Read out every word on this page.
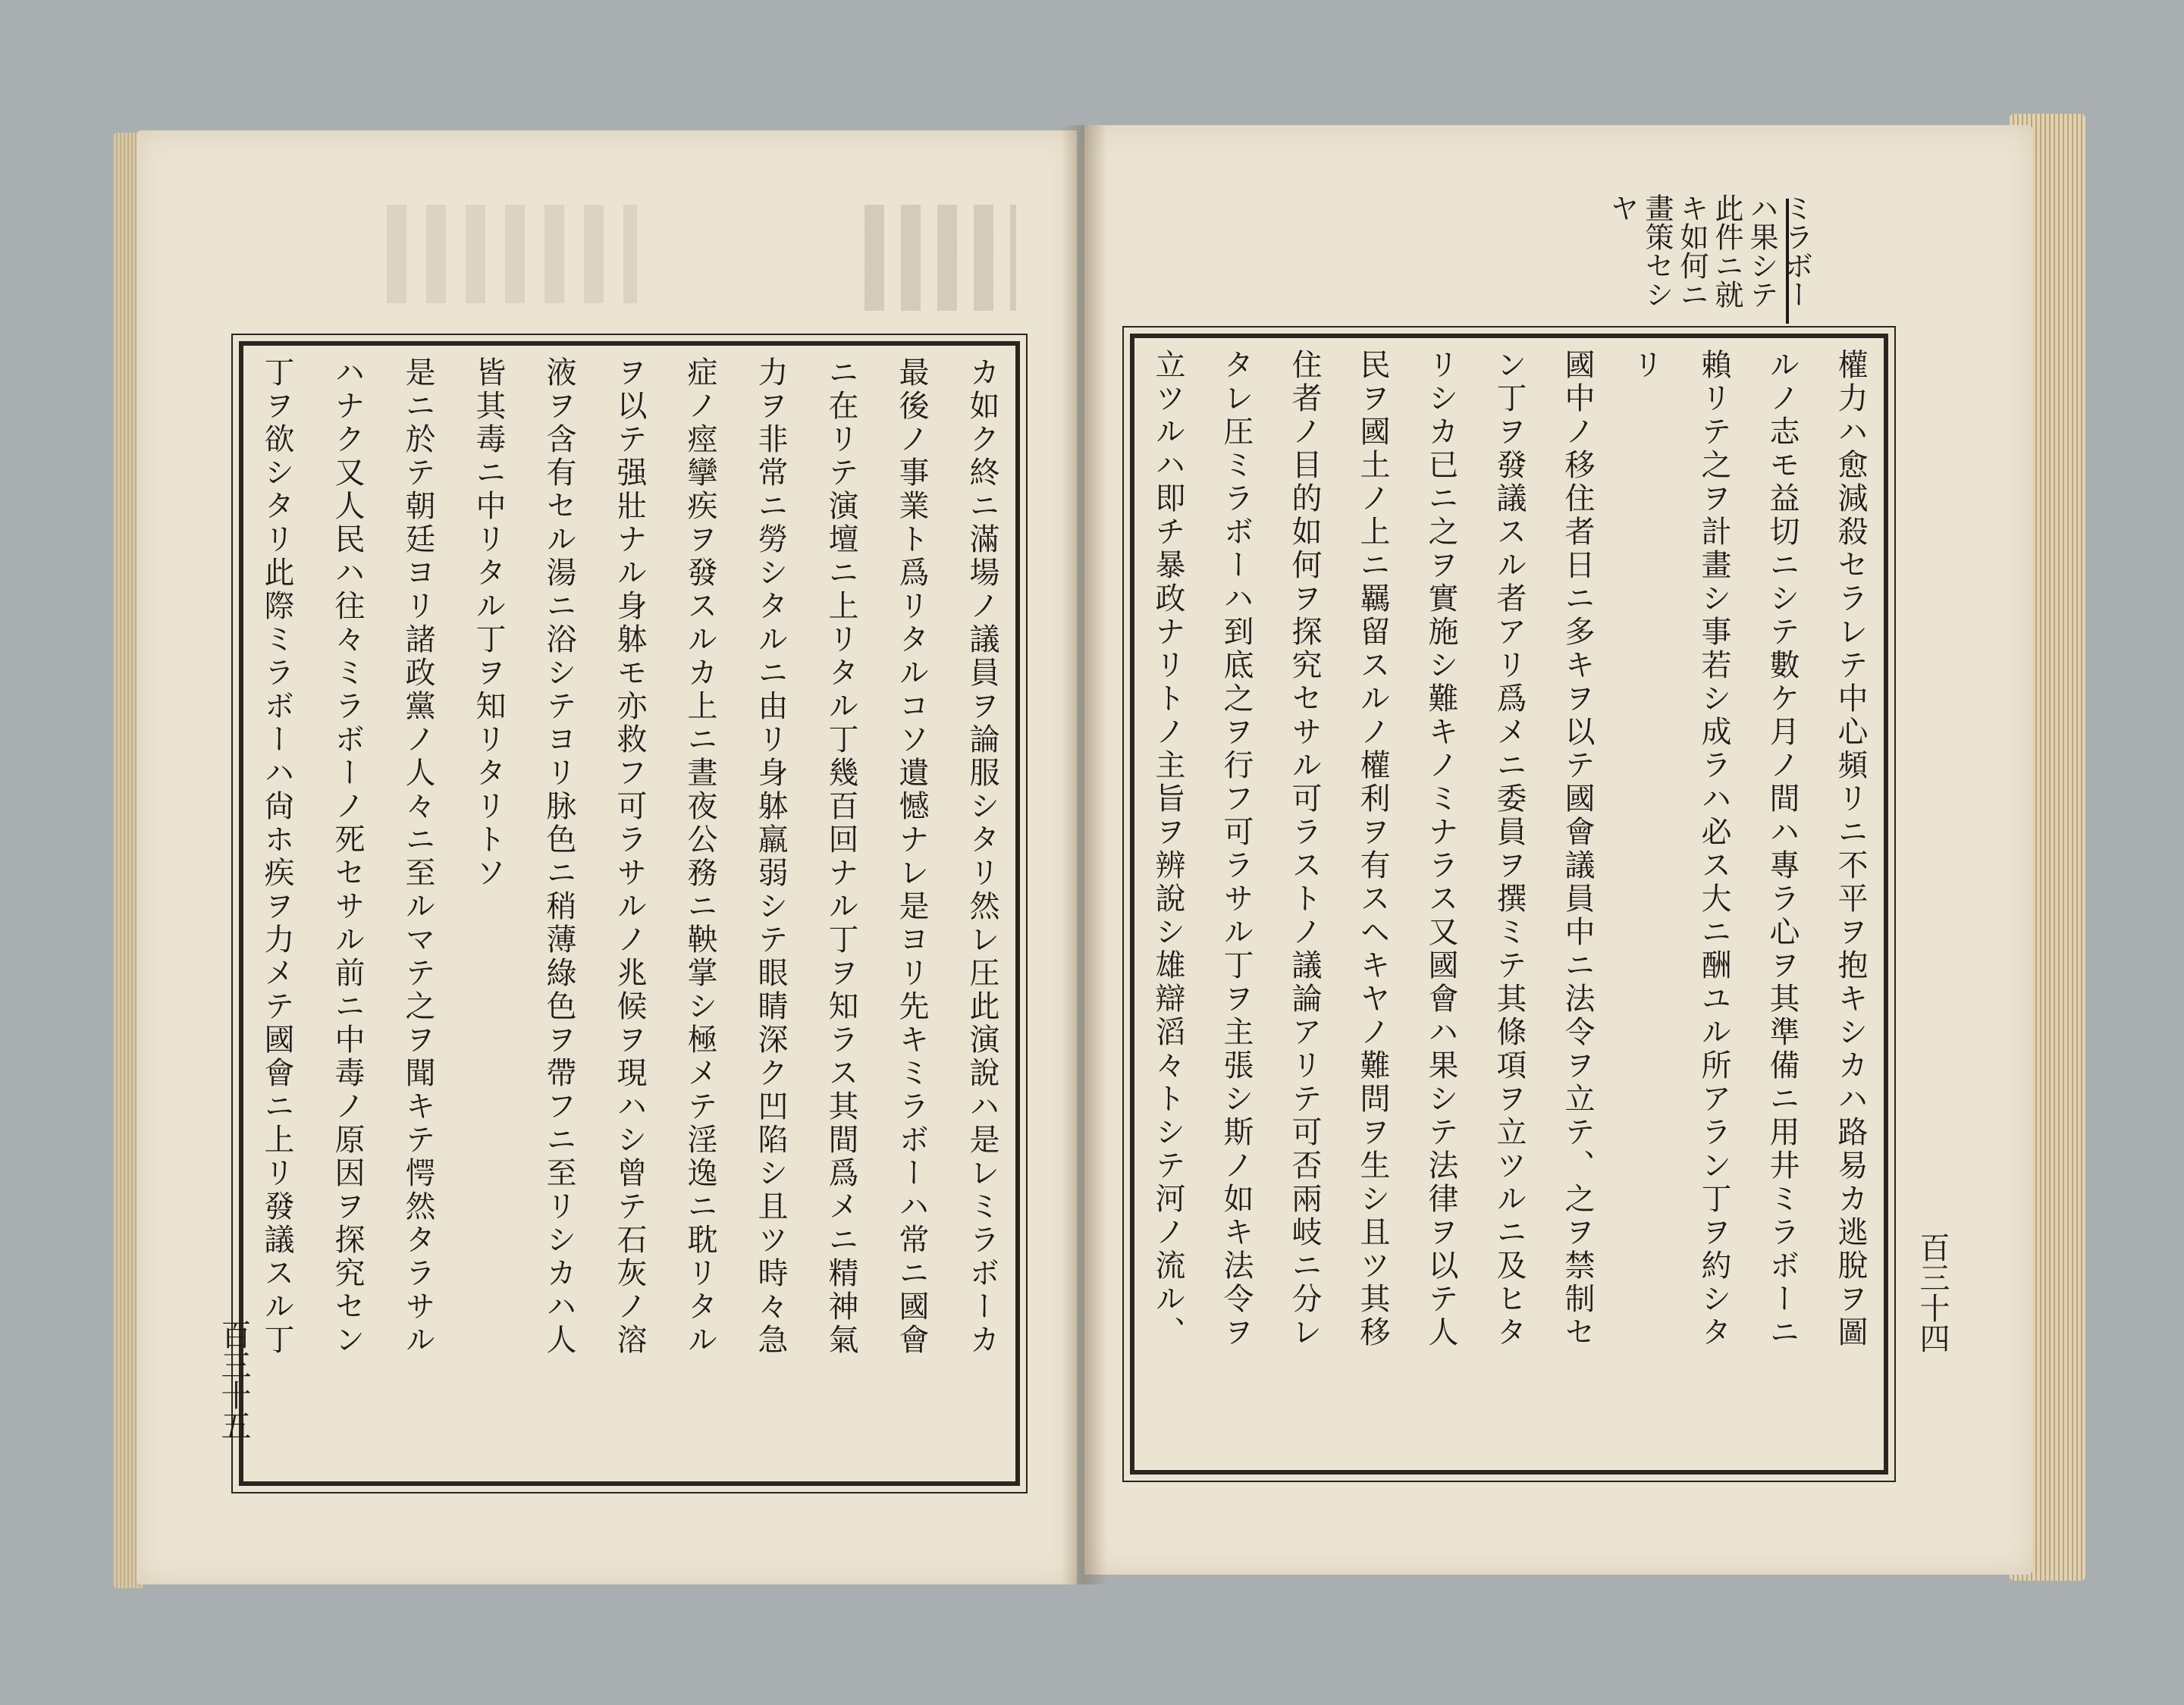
カ如ク終ニ滿場ノ議員ヲ論服シタリ然レ圧此演說ハ是レミラボーカ
最後ノ事業ト爲リタルコソ遺憾ナレ是ヨリ先キミラボーハ常ニ國會
ニ在リテ演壇ニ上リタル丁幾百回ナル丁ヲ知ラス其間爲メニ精神氣
力ヲ非常ニ勞シタルニ由リ身躰羸弱シテ眼睛深ク凹陷シ且ツ時々急
症ノ痙攣疾ヲ發スルカ上ニ晝夜公務ニ鞅掌シ極メテ淫逸ニ耽リタル
ヲ以テ强壯ナル身躰モ亦救フ可ラサルノ兆候ヲ現ハシ曾テ石灰ノ溶
液ヲ含有セル湯ニ浴シテヨリ脉色ニ稍薄綠色ヲ帶フニ至リシカハ人
皆其毒ニ中リタル丁ヲ知リタリトソ
是ニ於テ朝廷ヨリ諸政黨ノ人々ニ至ルマテ之ヲ聞キテ愕然タラサル
ハナク又人民ハ往々ミラボーノ死セサル前ニ中毒ノ原因ヲ探究セン
丁ヲ欲シタリ此際ミラボーハ尙ホ疾ヲ力メテ國會ニ上リ發議スル丁
百三十五
ミラボー
ハ果シテ
此件ニ就
キ如何ニ
畫策セシ
ヤ
權力ハ愈減殺セラレテ中心頻リニ不平ヲ抱キシカハ路易カ逃脫ヲ圖
ルノ志モ益切ニシテ數ケ月ノ間ハ專ラ心ヲ其準備ニ用井ミラボーニ
賴リテ之ヲ計畫シ事若シ成ラハ必ス大ニ酬ユル所アラン丁ヲ約シタ
リ
國中ノ移住者日ニ多キヲ以テ國會議員中ニ法令ヲ立テ、之ヲ禁制セ
ン丁ヲ發議スル者アリ爲メニ委員ヲ撰ミテ其條項ヲ立ツルニ及ヒタ
リシカ已ニ之ヲ實施シ難キノミナラス又國會ハ果シテ法律ヲ以テ人
民ヲ國土ノ上ニ羈留スルノ權利ヲ有スヘキヤノ難問ヲ生シ且ツ其移
住者ノ目的如何ヲ探究セサル可ラストノ議論アリテ可否兩岐ニ分レ
タレ圧ミラボーハ到底之ヲ行フ可ラサル丁ヲ主張シ斯ノ如キ法令ヲ
立ツルハ即チ暴政ナリトノ主旨ヲ辨說シ雄辯滔々トシテ河ノ流ル、	百三十四
